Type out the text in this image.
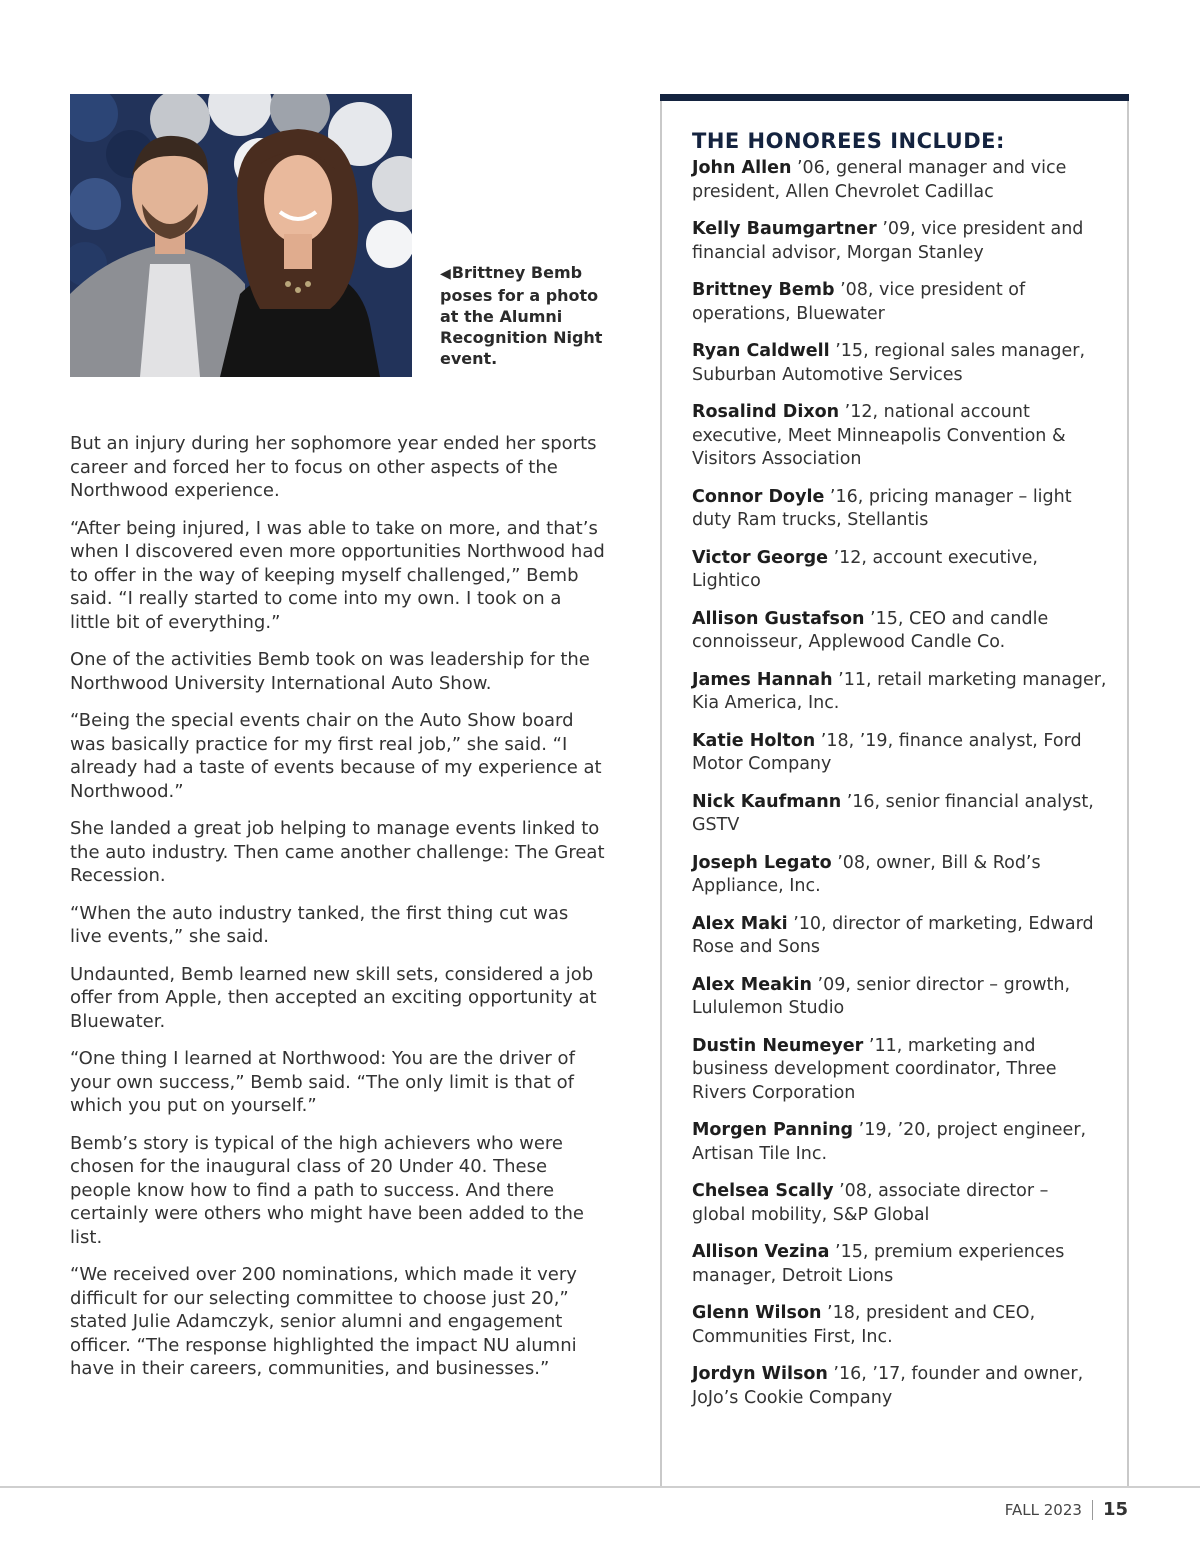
◀Brittney Bemb poses for a photo at the Alumni Recognition Night event.

But an injury during her sophomore year ended her sports career and forced her to focus on other aspects of the Northwood experience.

“After being injured, I was able to take on more, and that’s when I discovered even more opportunities Northwood had to offer in the way of keeping myself challenged,” Bemb said. “I really started to come into my own. I took on a little bit of everything.”

One of the activities Bemb took on was leadership for the Northwood University International Auto Show.

“Being the special events chair on the Auto Show board was basically practice for my first real job,” she said. “I already had a taste of events because of my experience at Northwood.”

She landed a great job helping to manage events linked to the auto industry. Then came another challenge: The Great Recession.

“When the auto industry tanked, the first thing cut was live events,” she said.

Undaunted, Bemb learned new skill sets, considered a job offer from Apple, then accepted an exciting opportunity at Bluewater.

“One thing I learned at Northwood: You are the driver of your own success,” Bemb said. “The only limit is that of which you put on yourself.”

Bemb’s story is typical of the high achievers who were chosen for the inaugural class of 20 Under 40. These people know how to find a path to success. And there certainly were others who might have been added to the list.

“We received over 200 nominations, which made it very difficult for our selecting committee to choose just 20,” stated Julie Adamczyk, senior alumni and engagement officer. “The response highlighted the impact NU alumni have in their careers, communities, and businesses.”

THE HONOREES INCLUDE:
John Allen ’06, general manager and vice president, Allen Chevrolet Cadillac
Kelly Baumgartner ’09, vice president and financial advisor, Morgan Stanley
Brittney Bemb ’08, vice president of operations, Bluewater
Ryan Caldwell ’15, regional sales manager, Suburban Automotive Services
Rosalind Dixon ’12, national account executive, Meet Minneapolis Convention & Visitors Association
Connor Doyle ’16, pricing manager – light duty Ram trucks, Stellantis
Victor George ’12, account executive, Lightico
Allison Gustafson ’15, CEO and candle connoisseur, Applewood Candle Co.
James Hannah ’11, retail marketing manager, Kia America, Inc.
Katie Holton ’18, ’19, finance analyst, Ford Motor Company
Nick Kaufmann ’16, senior financial analyst, GSTV
Joseph Legato ’08, owner, Bill & Rod’s Appliance, Inc.
Alex Maki ’10, director of marketing, Edward Rose and Sons
Alex Meakin ’09, senior director – growth, Lululemon Studio
Dustin Neumeyer ’11, marketing and business development coordinator, Three Rivers Corporation
Morgen Panning ’19, ’20, project engineer, Artisan Tile Inc.
Chelsea Scally ’08, associate director – global mobility, S&P Global
Allison Vezina ’15, premium experiences manager, Detroit Lions
Glenn Wilson ’18, president and CEO, Communities First, Inc.
Jordyn Wilson ’16, ’17, founder and owner, JoJo’s Cookie Company
FALL 2023 15
